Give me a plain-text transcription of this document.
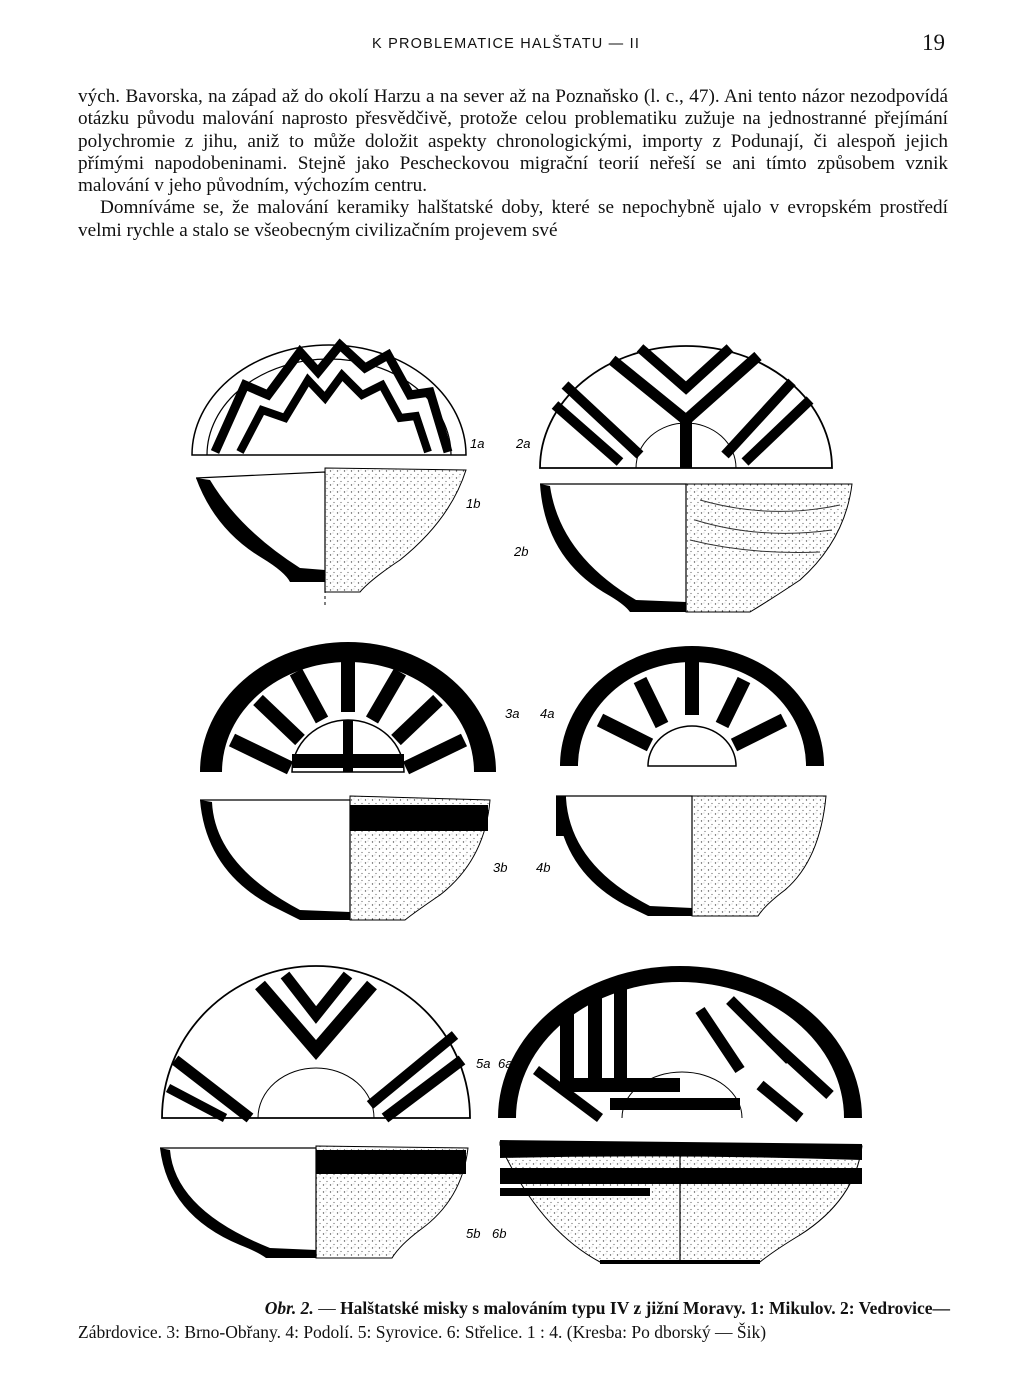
K PROBLEMATICE HALŠTATU — II	19

vých. Bavorska, na západ až do okolí Harzu a na sever až na Poznaňsko (l. c., 47). Ani tento názor nezodpovídá otázku původu malování naprosto přesvědčivě, protože celou problematiku zužuje na jednostranné přejímání polychromie z jihu, aniž to může doložit aspekty chronologickými, importy z Podunají, či alespoň jejich přímými napodobeninami. Stejně jako Pescheckovou migrační teorií neřeší se ani tímto způsobem vznik malování v jeho původním, výchozím centru.

Domníváme se, že malování keramiky halštatské doby, které se nepochybně ujalo v evropském prostředí velmi rychle a stalo se všeobecným civilizačním projevem své

1a
1b
2a
2b
3a 4a
3b 4b
5a 6a
5b 6b
Obr. 2. — Halštatské misky s malováním typu IV z jižní Moravy. 1: Mikulov. 2: Vedrovice—
Zábrdovice. 3: Brno-Obřany. 4: Podolí. 5: Syrovice. 6: Střelice. 1 : 4. (Kresba: Po dborský — Šik)
